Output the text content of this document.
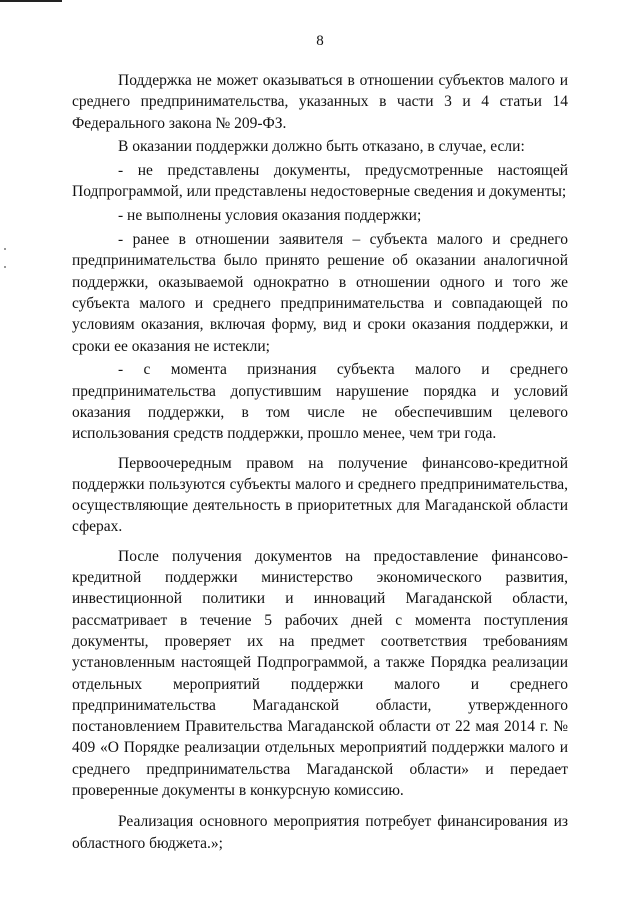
8

Поддержка не может оказываться в отношении субъектов малого и среднего предпринимательства, указанных в части 3 и 4 статьи 14 Федерального закона № 209-ФЗ.

В оказании поддержки должно быть отказано, в случае, если:

- не представлены документы, предусмотренные настоящей Подпрограммой, или представлены недостоверные сведения и документы;

- не выполнены условия оказания поддержки;

- ранее в отношении заявителя – субъекта малого и среднего предпринимательства было принято решение об оказании аналогичной поддержки, оказываемой однократно в отношении одного и того же субъекта малого и среднего предпринимательства и совпадающей по условиям оказания, включая форму, вид и сроки оказания поддержки, и сроки ее оказания не истекли;

- с момента признания субъекта малого и среднего предпринимательства допустившим нарушение порядка и условий оказания поддержки, в том числе не обеспечившим целевого использования средств поддержки, прошло менее, чем три года.

Первоочередным правом на получение финансово-кредитной поддержки пользуются субъекты малого и среднего предпринимательства, осуществляющие деятельность в приоритетных для Магаданской области сферах.

После получения документов на предоставление финансово-кредитной поддержки министерство экономического развития, инвестиционной политики и инноваций Магаданской области, рассматривает в течение 5 рабочих дней с момента поступления документы, проверяет их на предмет соответствия требованиям установленным настоящей Подпрограммой, а также Порядка реализации отдельных мероприятий поддержки малого и среднего предпринимательства Магаданской области, утвержденного постановлением Правительства Магаданской области от 22 мая 2014 г. № 409 «О Порядке реализации отдельных мероприятий поддержки малого и среднего предпринимательства Магаданской области» и передает проверенные документы в конкурсную комиссию.

Реализация основного мероприятия потребует финансирования из областного бюджета.»;
